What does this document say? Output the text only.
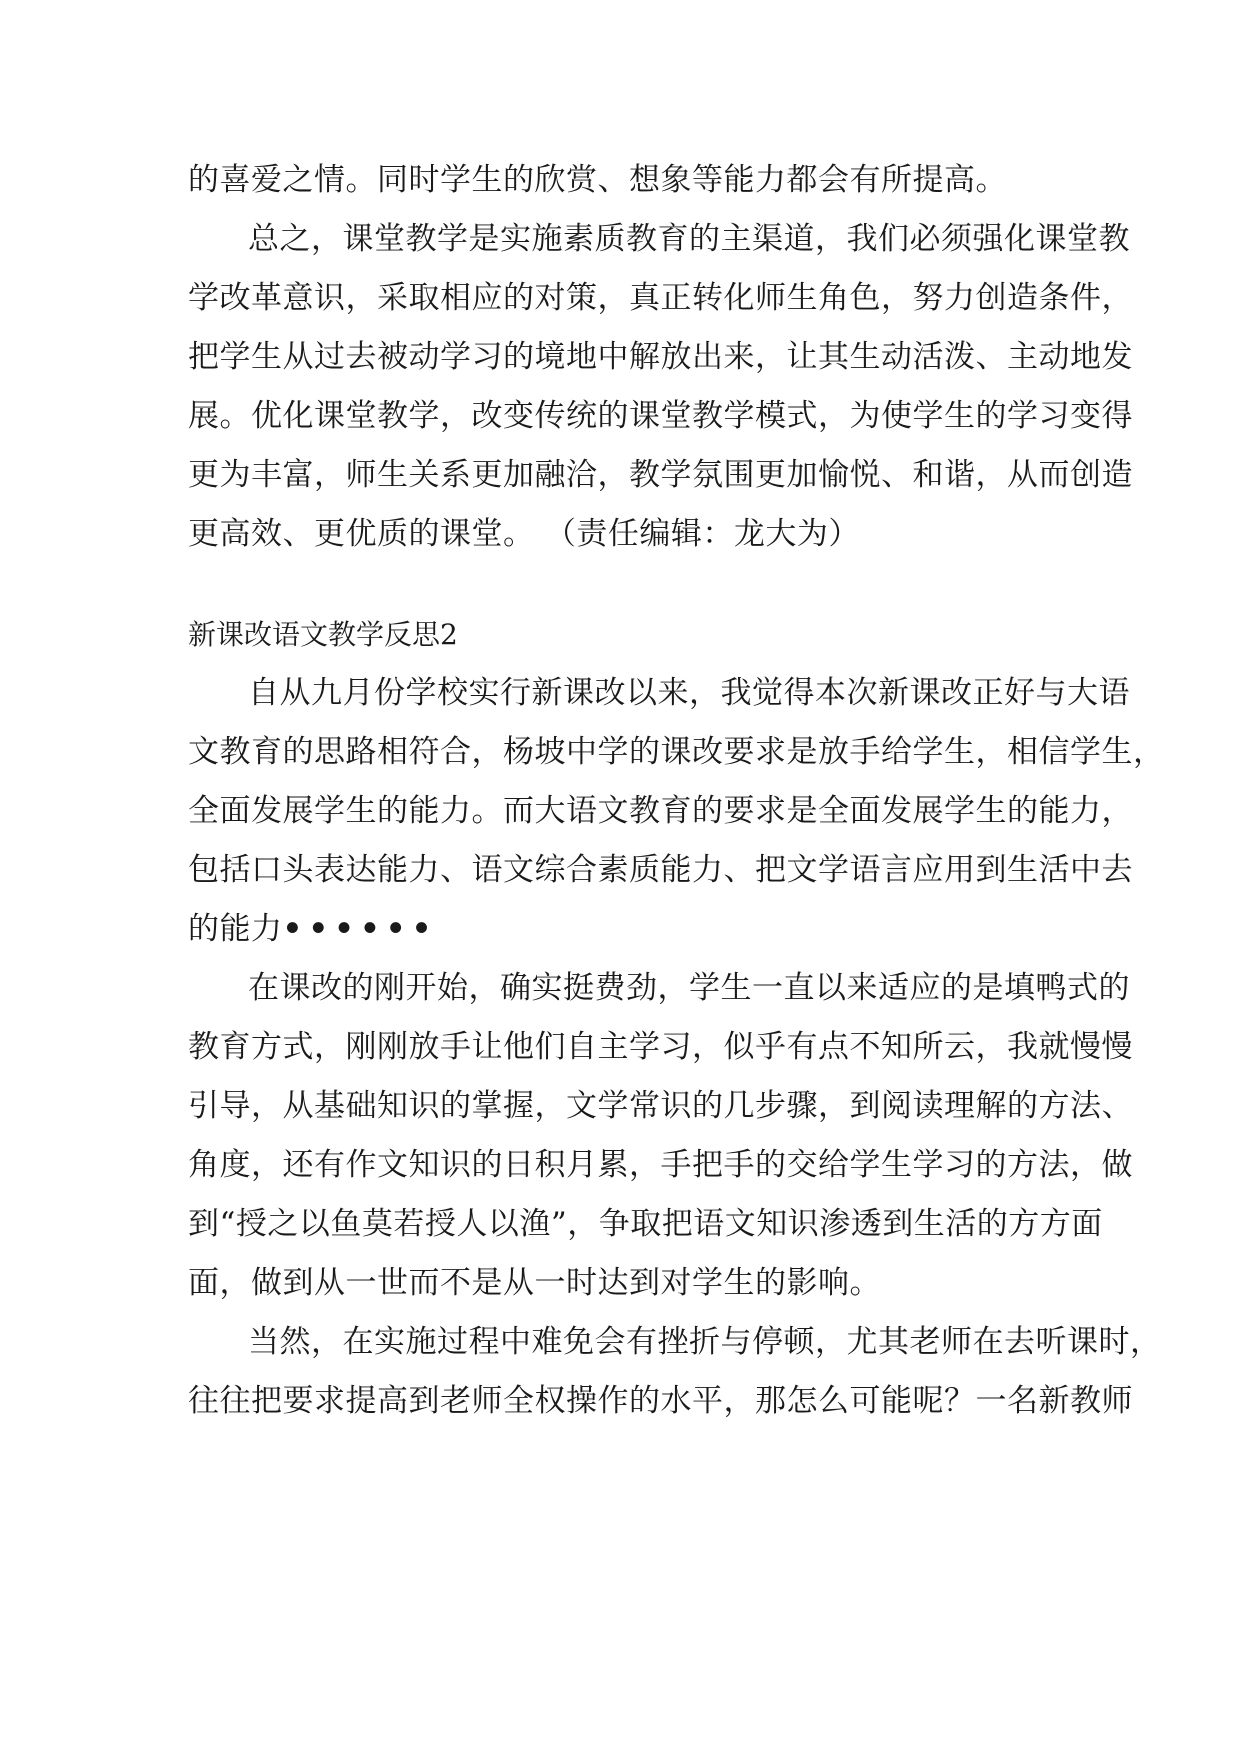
的喜爱之情。同时学生的欣赏、想象等能力都会有所提高。
总之，课堂教学是实施素质教育的主渠道，我们必须强化课堂教
学改革意识，采取相应的对策，真正转化师生角色，努力创造条件，
把学生从过去被动学习的境地中解放出来，让其生动活泼、主动地发
展。优化课堂教学，改变传统的课堂教学模式，为使学生的学习变得
更为丰富，师生关系更加融洽，教学氛围更加愉悦、和谐，从而创造
更高效、更优质的课堂。 （责任编辑：龙大为）
新课改语文教学反思2
自从九月份学校实行新课改以来，我觉得本次新课改正好与大语
文教育的思路相符合，杨坡中学的课改要求是放手给学生，相信学生，
全面发展学生的能力。而大语文教育的要求是全面发展学生的能力，
包括口头表达能力、语文综合素质能力、把文学语言应用到生活中去
的能力••••••
在课改的刚开始，确实挺费劲，学生一直以来适应的是填鸭式的
教育方式，刚刚放手让他们自主学习，似乎有点不知所云，我就慢慢
引导，从基础知识的掌握，文学常识的几步骤，到阅读理解的方法、
角度，还有作文知识的日积月累，手把手的交给学生学习的方法，做
到“授之以鱼莫若授人以渔”，争取把语文知识渗透到生活的方方面
面，做到从一世而不是从一时达到对学生的影响。
当然，在实施过程中难免会有挫折与停顿，尤其老师在去听课时，
往往把要求提高到老师全权操作的水平，那怎么可能呢？一名新教师
